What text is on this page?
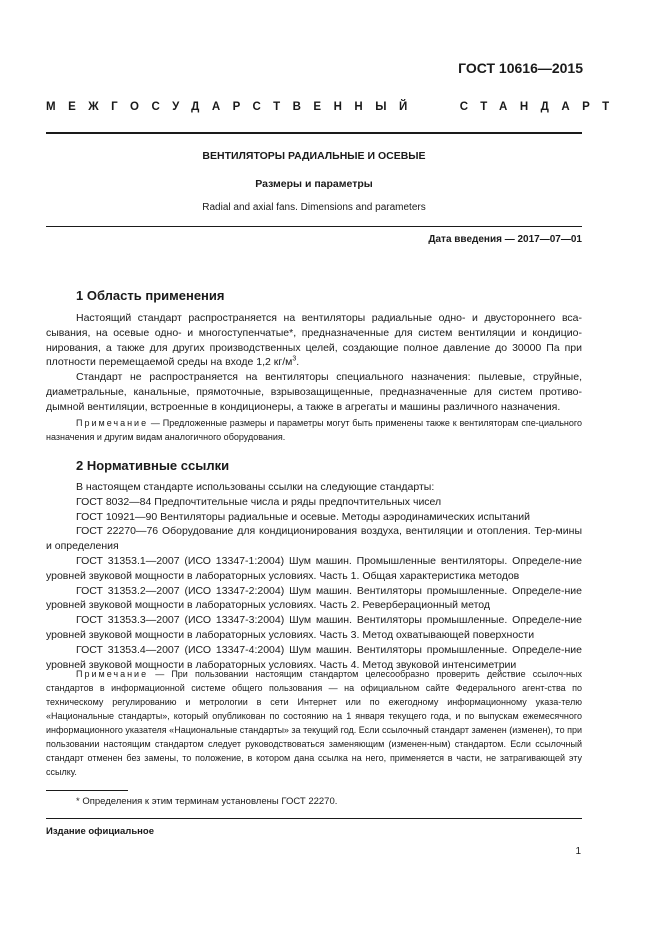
ГОСТ 10616—2015
МЕЖГОСУДАРСТВЕННЫЙ	СТАНДАРТ
ВЕНТИЛЯТОРЫ РАДИАЛЬНЫЕ И ОСЕВЫЕ
Размеры и параметры
Radial and axial fans. Dimensions and parameters
Дата введения — 2017—07—01
1 Область применения

Настоящий стандарт распространяется на вентиляторы радиальные одно- и двустороннего вса-сывания, на осевые одно- и многоступенчатые*, предназначенные для систем вентиляции и кондицио-нирования, а также для других производственных целей, создающие полное давление до 30000 Па при плотности перемещаемой среды на входе 1,2 $кг/м^3$.

Стандарт не распространяется на вентиляторы специального назначения: пылевые, струйные, диаметральные, канальные, прямоточные, взрывозащищенные, предназначенные для систем противо-дымной вентиляции, встроенные в кондиционеры, а также в агрегаты и машины различного назначения.

Примечание — Предложенные размеры и параметры могут быть применены также к вентиляторам спе-циального назначения и другим видам аналогичного оборудования.

2 Нормативные ссылки

В настоящем стандарте использованы ссылки на следующие стандарты:

ГОСТ 8032—84 Предпочтительные числа и ряды предпочтительных чисел

ГОСТ 10921—90 Вентиляторы радиальные и осевые. Методы аэродинамических испытаний

ГОСТ 22270—76 Оборудование для кондиционирования воздуха, вентиляции и отопления. Тер-мины и определения

ГОСТ 31353.1—2007 (ИСО 13347-1:2004) Шум машин. Промышленные вентиляторы. Определе-ние уровней звуковой мощности в лабораторных условиях. Часть 1. Общая характеристика методов

ГОСТ 31353.2—2007 (ИСО 13347-2:2004) Шум машин. Вентиляторы промышленные. Определе-ние уровней звуковой мощности в лабораторных условиях. Часть 2. Реверберационный метод

ГОСТ 31353.3—2007 (ИСО 13347-3:2004) Шум машин. Вентиляторы промышленные. Определе-ние уровней звуковой мощности в лабораторных условиях. Часть 3. Метод охватывающей поверхности

ГОСТ 31353.4—2007 (ИСО 13347-4:2004) Шум машин. Вентиляторы промышленные. Определе-ние уровней звуковой мощности в лабораторных условиях. Часть 4. Метод звуковой интенсиметрии

Примечание — При пользовании настоящим стандартом целесообразно проверить действие ссылоч-ных стандартов в информационной системе общего пользования — на официальном сайте Федерального агент-ства по техническому регулированию и метрологии в сети Интернет или по ежегодному информационному указа-телю «Национальные стандарты», который опубликован по состоянию на 1 января текущего года, и по выпускам ежемесячного информационного указателя «Национальные стандарты» за текущий год. Если ссылочный стандарт заменен (изменен), то при пользовании настоящим стандартом следует руководствоваться заменяющим (изменен-ным) стандартом. Если ссылочный стандарт отменен без замены, то положение, в котором дана ссылка на него, применяется в части, не затрагивающей эту ссылку.

* Определения к этим терминам установлены ГОСТ 22270.
Издание официальное
1
